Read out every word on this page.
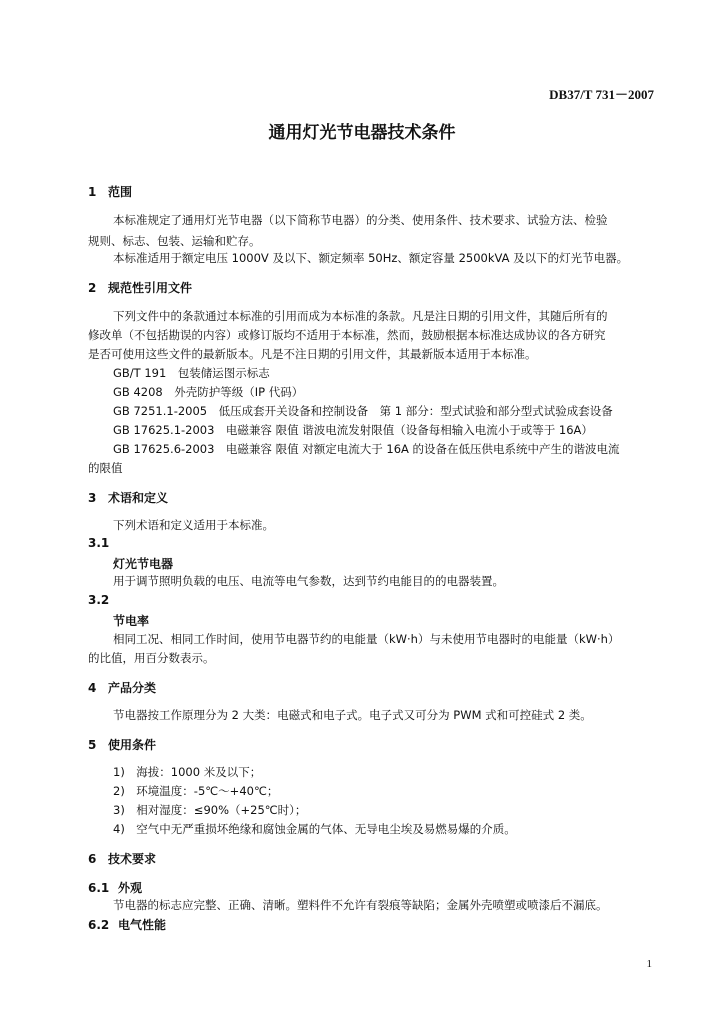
DB37/T 731－2007
通用灯光节电器技术条件
1 范围
本标准规定了通用灯光节电器（以下简称节电器）的分类、使用条件、技术要求、试验方法、检验
规则、标志、包装、运输和贮存。
本标准适用于额定电压 1000V 及以下、额定频率 50Hz、额定容量 2500kVA 及以下的灯光节电器。
2 规范性引用文件
下列文件中的条款通过本标准的引用而成为本标准的条款。凡是注日期的引用文件，其随后所有的
修改单（不包括勘误的内容）或修订版均不适用于本标准，然而，鼓励根据本标准达成协议的各方研究
是否可使用这些文件的最新版本。凡是不注日期的引用文件，其最新版本适用于本标准。
GB/T 191　包装储运图示标志
GB 4208　外壳防护等级（IP 代码）
GB 7251.1-2005　低压成套开关设备和控制设备　第 1 部分：型式试验和部分型式试验成套设备
GB 17625.1-2003　电磁兼容 限值 谐波电流发射限值（设备每相输入电流小于或等于 16A）
GB 17625.6-2003　电磁兼容 限值 对额定电流大于 16A 的设备在低压供电系统中产生的谐波电流
的限值
3 术语和定义
下列术语和定义适用于本标准。
3.1
灯光节电器
用于调节照明负载的电压、电流等电气参数，达到节约电能目的的电器装置。
3.2
节电率
相同工况、相同工作时间，使用节电器节约的电能量（kW·h）与未使用节电器时的电能量（kW·h）
的比值，用百分数表示。
4 产品分类
节电器按工作原理分为 2 大类：电磁式和电子式。电子式又可分为 PWM 式和可控硅式 2 类。
5 使用条件
1)　海拔：1000 米及以下；
2)　环境温度：-5℃～+40℃；
3)　相对湿度：≤90%（+25℃时）；
4)　空气中无严重损坏绝缘和腐蚀金属的气体、无导电尘埃及易燃易爆的介质。
6 技术要求
6.1 外观
节电器的标志应完整、正确、清晰。塑料件不允许有裂痕等缺陷；金属外壳喷塑或喷漆后不漏底。
6.2 电气性能
1
